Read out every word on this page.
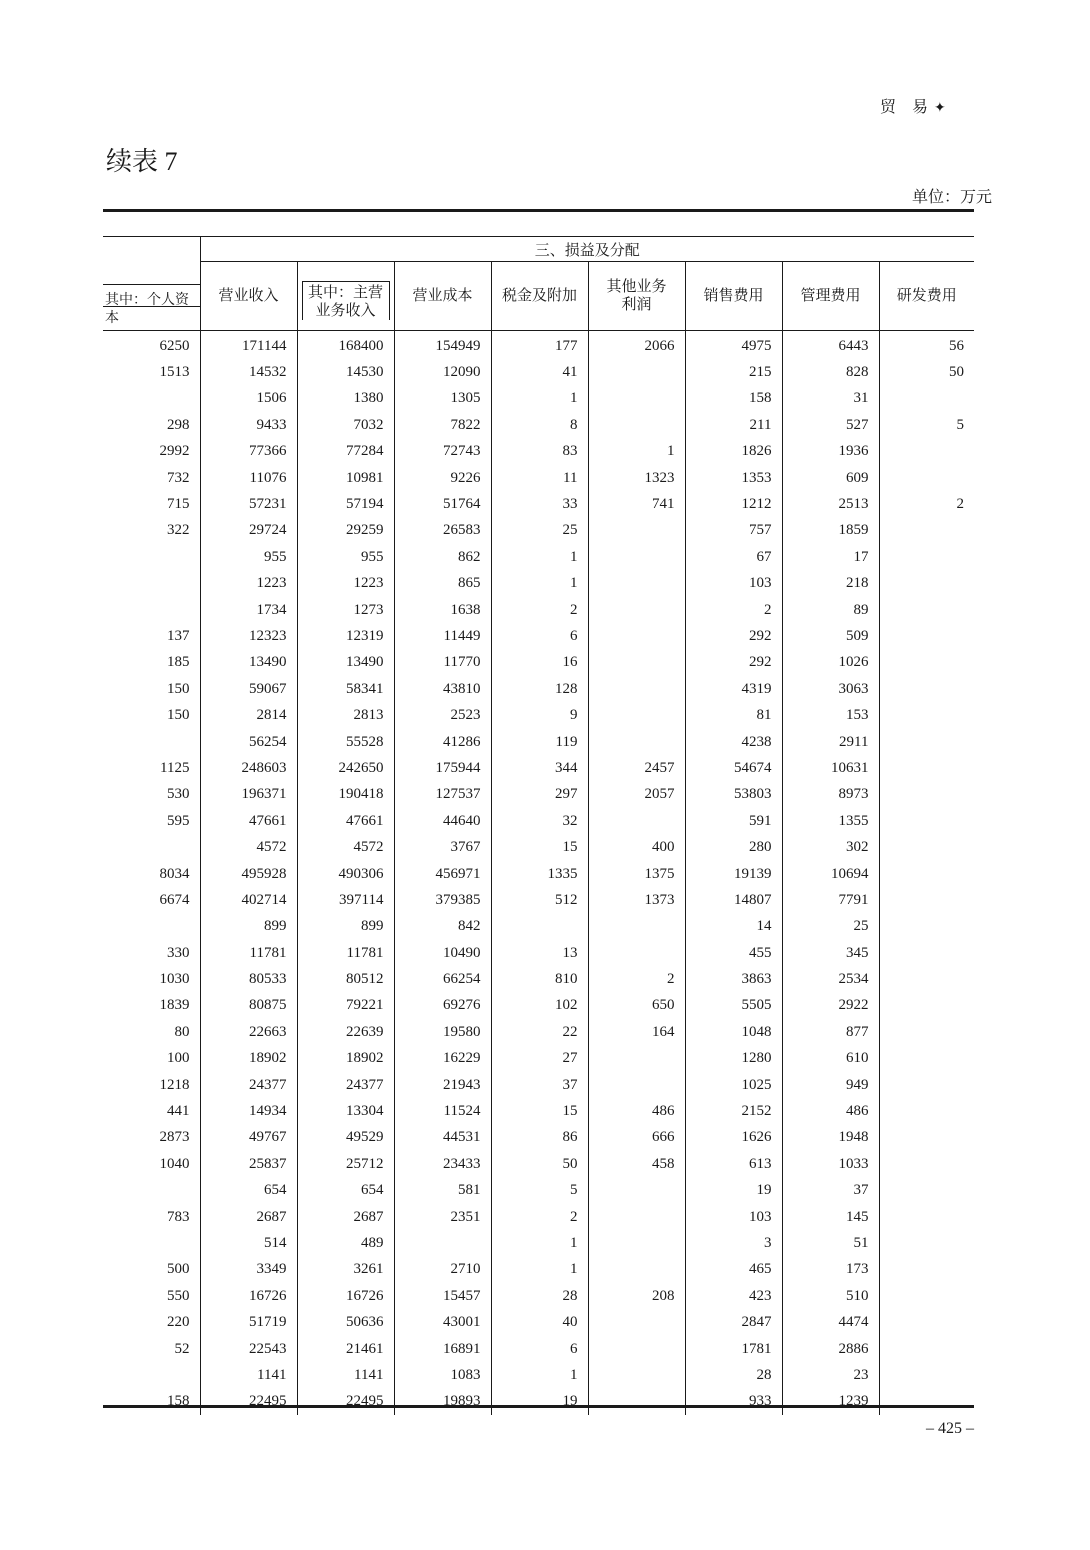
贸 易✦
续表 7
单位：万元

	三、损益及分配							

其中：个人资本	营业收入	其中：主营业务收入	营业成本	税金及附加	其他业务利润	销售费用	管理费用	研发费用
6250	171144	168400	154949	177	2066	4975	6443	56
1513	14532	14530	12090	41		215	828	50
	1506	1380	1305	1		158	31	
298	9433	7032	7822	8		211	527	5
2992	77366	77284	72743	83	1	1826	1936	
732	11076	10981	9226	11	1323	1353	609	
715	57231	57194	51764	33	741	1212	2513	2
322	29724	29259	26583	25		757	1859	
	955	955	862	1		67	17	
	1223	1223	865	1		103	218	
	1734	1273	1638	2		2	89	
137	12323	12319	11449	6		292	509	
185	13490	13490	11770	16		292	1026	
150	59067	58341	43810	128		4319	3063	
150	2814	2813	2523	9		81	153	
	56254	55528	41286	119		4238	2911	
1125	248603	242650	175944	344	2457	54674	10631	
530	196371	190418	127537	297	2057	53803	8973	
595	47661	47661	44640	32		591	1355	
	4572	4572	3767	15	400	280	302	
8034	495928	490306	456971	1335	1375	19139	10694	
6674	402714	397114	379385	512	1373	14807	7791	
	899	899	842			14	25	
330	11781	11781	10490	13		455	345	
1030	80533	80512	66254	810	2	3863	2534	
1839	80875	79221	69276	102	650	5505	2922	
80	22663	22639	19580	22	164	1048	877	
100	18902	18902	16229	27		1280	610	
1218	24377	24377	21943	37		1025	949	
441	14934	13304	11524	15	486	2152	486	
2873	49767	49529	44531	86	666	1626	1948	
1040	25837	25712	23433	50	458	613	1033	
	654	654	581	5		19	37	
783	2687	2687	2351	2		103	145	
	514	489		1		3	51	
500	3349	3261	2710	1		465	173	
550	16726	16726	15457	28	208	423	510	
220	51719	50636	43001	40		2847	4474	
52	22543	21461	16891	6		1781	2886	
	1141	1141	1083	1		28	23	
158	22495	22495	19893	19		933	1239	
– 425 –
